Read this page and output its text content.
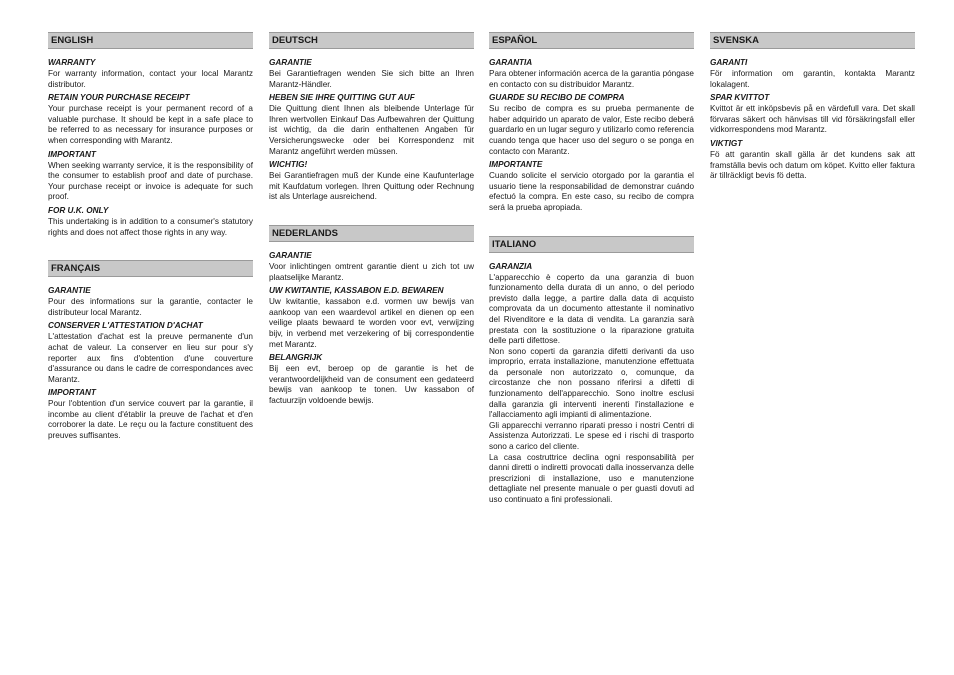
ENGLISH
WARRANTY

For warranty information, contact your local Marantz distributor.

RETAIN YOUR PURCHASE RECEIPT

Your purchase receipt is your permanent record of a valuable purchase. It should be kept in a safe place to be referred to as necessary for insurance purposes or when corresponding with Marantz.

IMPORTANT

When seeking warranty service, it is the responsibility of the consumer to establish proof and date of purchase. Your purchase receipt or invoice is adequate for such proof.

FOR U.K. ONLY

This undertaking is in addition to a consumer's statutory rights and does not affect those rights in any way.

FRANÇAIS
GARANTIE

Pour des informations sur la garantie, contacter le distributeur local Marantz.

CONSERVER L'ATTESTATION D'ACHAT

L'attestation d'achat est la preuve permanente d'un achat de valeur. La conserver en lieu sur pour s'y reporter aux fins d'obtention d'une couverture d'assurance ou dans le cadre de correspondances avec Marantz.

IMPORTANT

Pour l'obtention d'un service couvert par la garantie, il incombe au client d'établir la preuve de l'achat et d'en corroborer la date. Le reçu ou la facture constituent des preuves suffisantes.

DEUTSCH
GARANTIE

Bei Garantiefragen wenden Sie sich bitte an Ihren Marantz-Händler.

HEBEN SIE IHRE QUITTING GUT AUF

Die Quittung dient Ihnen als bleibende Unterlage für Ihren wertvollen Einkauf Das Aufbewahren der Quittung ist wichtig, da die darin enthaltenen Angaben für Versicherungswecke oder bei Korrespondenz mit Marantz angeführt werden müssen.

WICHTIG!

Bei Garantiefragen muß der Kunde eine Kaufunterlage mit Kaufdatum vorlegen. Ihren Quittung oder Rechnung ist als Unterlage ausreichend.

NEDERLANDS
GARANTIE

Voor inlichtingen omtrent garantie dient u zich tot uw plaatselijke Marantz.

UW KWITANTIE, KASSABON E.D. BEWAREN

Uw kwitantie, kassabon e.d. vormen uw bewijs van aankoop van een waardevol artikel en dienen op een veilige plaats bewaard te worden voor evt, verwijzing bijv, in verbend met verzekering of bij correspondentie met Marantz.

BELANGRIJK

Bij een evt, beroep op de garantie is het de verantwoordelijkheid van de consument een gedateerd bewijs van aankoop te tonen. Uw kassabon of factuurzijn voldoende bewijs.

ESPAÑOL
GARANTIA

Para obtener información acerca de la garantia póngase en contacto con su distribuidor Marantz.

GUARDE SU RECIBO DE COMPRA

Su recibo de compra es su prueba permanente de haber adquirido un aparato de valor, Este recibo deberá guardarlo en un lugar seguro y utilizarlo como referencia cuando tenga que hacer uso del seguro o se ponga en contacto con Marantz.

IMPORTANTE

Cuando solicite el servicio otorgado por la garantia el usuario tiene la responsabilidad de demonstrar cuándo efectuó la compra. En este caso, su recibo de compra será la prueba apropiada.

ITALIANO
GARANZIA

L'apparecchio è coperto da una garanzia di buon funzionamento della durata di un anno, o del periodo previsto dalla legge, a partire dalla data di acquisto comprovata da un documento attestante il nominativo del Rivenditore e la data di vendita. La garanzia sarà prestata con la sostituzione o la riparazione gratuita delle parti difettose.

Non sono coperti da garanzia difetti derivanti da uso improprio, errata installazione, manutenzione effettuata da personale non autorizzato o, comunque, da circostanze che non possano riferirsi a difetti di funzionamento dell'apparecchio. Sono inoltre esclusi dalla garanzia gli interventi inerenti l'installazione e l'allacciamento agli impianti di alimentazione.

Gli apparecchi verranno riparati presso i nostri Centri di Assistenza Autorizzati. Le spese ed i rischi di trasporto sono a carico del cliente.

La casa costruttrice declina ogni responsabilità per danni diretti o indiretti provocati dalla inosservanza delle prescrizioni di installazione, uso e manutenzione dettagliate nel presente manuale o per guasti dovuti ad uso continuato a fini professionali.

SVENSKA
GARANTI

För information om garantin, kontakta Marantz lokalagent.

SPAR KVITTOT

Kvittot är ett inköpsbevis på en värdefull vara. Det skall förvaras säkert och hänvisas till vid försäkringsfall eller vidkorrespondens mod Marantz.

VIKTIGT

Fö att garantin skall gälla är det kundens sak att framställa bevis och datum om köpet. Kvitto eller faktura är tillräckligt bevis fö detta.
